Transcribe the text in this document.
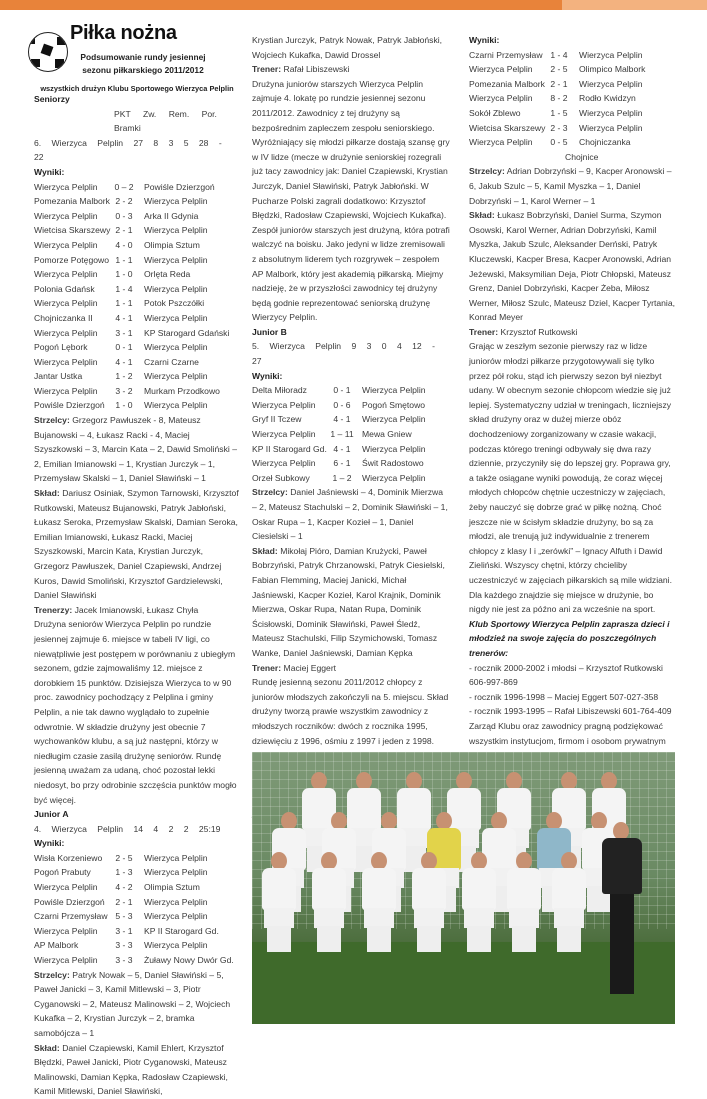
Piłka nożna
Podsumowanie rundy jesiennej
sezonu piłkarskiego 2011/2012
wszystkich drużyn Klubu Sportowego Wierzyca Pelplin

Seniorzy

PKT Zw. Rem. Por. Bramki

6. Wierzyca Pelplin 27 8 3 5 28 - 22

Wyniki:

Wierzyca Pelplin	0 – 2	Powiśle Dzierzgoń
Pomezania Malbork 2 - 2	Wierzyca Pelplin
Wierzyca Pelplin	0 - 3	Arka II Gdynia
Wietcisa Skarszewy 2 - 1	Wierzyca Pelplin
Wierzyca Pelplin	4 - 0	Olimpia Sztum
Pomorze Potęgowo 1 - 1	Wierzyca Pelplin
Wierzyca Pelplin	1 - 0	Orlęta Reda
Polonia Gdańsk	1 - 4	Wierzyca Pelplin
Wierzyca Pelplin	1 - 1	Potok Pszczółki
Chojniczanka II	4 - 1	Wierzyca Pelplin
Wierzyca Pelplin	3 - 1	KP Starogard Gdański
Pogoń Lębork	0 - 1	Wierzyca Pelplin
Wierzyca Pelplin	4 - 1	Czarni Czarne
Jantar Ustka	1 - 2	Wierzyca Pelplin
Wierzyca Pelplin	3 - 2	Murkam Przodkowo
Powiśle Dzierzgoń	1 - 0	Wierzyca Pelplin

Strzelcy: Grzegorz Pawłuszek - 8, Mateusz Bujanowski – 4, Łukasz Racki - 4, Maciej Szyszkowski – 3, Marcin Kata – 2, Dawid Smoliński – 2, Emilian Imianowski – 1, Krystian Jurczyk – 1, Przemysław Skalski – 1, Daniel Sławiński – 1

Skład: Dariusz Osiniak, Szymon Tarnowski, Krzysztof Rutkowski, Mateusz Bujanowski, Patryk Jabłoński, Łukasz Seroka, Przemysław Skalski, Damian Seroka, Emilian Imianowski, Łukasz Racki, Maciej Szyszkowski, Marcin Kata, Krystian Jurczyk, Grzegorz Pawłuszek, Daniel Czapiewski, Andrzej Kuros, Dawid Smoliński, Krzysztof Gardzielewski, Daniel Sławiński

Trenerzy: Jacek Imianowski, Łukasz Chyła

Drużyna seniorów Wierzyca Pelplin po rundzie jesiennej zajmuje 6. miejsce w tabeli IV ligi, co niewątpliwie jest postępem w porównaniu z ubiegłym sezonem, gdzie zajmowaliśmy 12. miejsce z dorobkiem 15 punktów. Dzisiejsza Wierzyca to w 90 proc. zawodnicy pochodzący z Pelplina i gminy Pelplin, a nie tak dawno wyglądało to zupełnie odwrotnie. W składzie drużyny jest obecnie 7 wychowanków klubu, a są już następni, którzy w niedługim czasie zasilą drużynę seniorów. Rundę jesienną uważam za udaną, choć pozostał lekki niedosyt, bo przy odrobinie szczęścia punktów mogło być więcej.

Junior A

4. Wierzyca Pelplin 14 4 2 2 25:19

Wyniki:

Wisła Korzeniewo	2 - 5	Wierzyca Pelplin
Pogoń Prabuty	1 - 3	Wierzyca Pelplin
Wierzyca Pelplin	4 - 2	Olimpia Sztum
Powiśle Dzierzgoń	2 - 1	Wierzyca Pelplin
Czarni Przemysław 5 - 3	Wierzyca Pelplin
Wierzyca Pelplin	3 - 1	KP II Starogard Gd.
AP Malbork	3 - 3	Wierzyca Pelplin
Wierzyca Pelplin	3 - 3	Żuławy Nowy Dwór Gd.

Strzelcy: Patryk Nowak – 5, Daniel Sławiński – 5, Paweł Janicki – 3, Kamil Mitlewski – 3, Piotr Cyganowski – 2, Mateusz Malinowski – 2, Wojciech Kukafka – 2, Krystian Jurczyk – 2, bramka samobójcza – 1

Skład: Daniel Czapiewski, Kamil Ehlert, Krzysztof Błędzki, Paweł Janicki, Piotr Cyganowski, Mateusz Malinowski, Damian Kępka, Radosław Czapiewski, Kamil Mitlewski, Daniel Sławiński,

Krystian Jurczyk, Patryk Nowak, Patryk Jabłoński, Wojciech Kukafka, Dawid Drossel

Trener: Rafał Libiszewski

Drużyna juniorów starszych Wierzyca Pelplin zajmuje 4. lokatę po rundzie jesiennej sezonu 2011/2012. Zawodnicy z tej drużyny są bezpośrednim zapleczem zespołu seniorskiego. Wyróżniający się młodzi piłkarze dostają szansę gry w IV lidze (mecze w drużynie seniorskiej rozegrali już tacy zawodnicy jak: Daniel Czapiewski, Krystian Jurczyk, Daniel Sławiński, Patryk Jabłoński. W Pucharze Polski zagrali dodatkowo: Krzysztof Błędzki, Radosław Czapiewski, Wojciech Kukafka). Zespół juniorów starszych jest drużyną, która potrafi walczyć na boisku. Jako jedyni w lidze zremisowali z absolutnym liderem tych rozgrywek – zespołem AP Malbork, który jest akademią piłkarską. Miejmy nadzieję, że w przyszłości zawodnicy tej drużyny będą godnie reprezentować seniorską drużynę Wierzycy Pelplin.

Junior B

5. Wierzyca Pelplin 9 3 0 4 12 - 27

Wyniki:

Delta Miłoradz	0 - 1	Wierzyca Pelplin
Wierzyca Pelplin	0 - 6	Pogoń Smętowo
Gryf II Tczew	4 - 1	Wierzyca Pelplin
Wierzyca Pelplin	1 – 11 Mewa Gniew
KP II Starogard Gd. 4 - 1	Wierzyca Pelplin
Wierzyca Pelplin	6 - 1	Świt Radostowo
Orzeł Subkowy	1 – 2	Wierzyca Pelplin

Strzelcy: Daniel Jaśniewski – 4, Dominik Mierzwa – 2, Mateusz Stachulski – 2, Dominik Sławiński – 1, Oskar Rupa – 1, Kacper Kozieł – 1, Daniel Ciesielski – 1

Skład: Mikołaj Pióro, Damian Krużycki, Paweł Bobrzyński, Patryk Chrzanowski, Patryk Ciesielski, Fabian Flemming, Maciej Janicki, Michał Jaśniewski, Kacper Kozieł, Karol Krajnik, Dominik Mierzwa, Oskar Rupa, Natan Rupa, Dominik Ścisłowski, Dominik Sławiński, Paweł Śledź, Mateusz Stachulski, Filip Szymichowski, Tomasz Wanke, Daniel Jaśniewski, Damian Kępka

Trener: Maciej Eggert

Rundę jesienną sezonu 2011/2012 chłopcy z juniorów młodszych zakończyli na 5. miejscu. Skład drużyny tworzą prawie wszystkim zawodnicy z młodszych roczników: dwóch z rocznika 1995, dziewięciu z 1996, ośmiu z 1997 i jeden z 1998.

Wyniki:

Czarni Przemysław 1 - 4	Wierzyca Pelplin
Wierzyca Pelplin	2 - 5	Olimpico Malbork
Pomezania Malbork 2 - 1	Wierzyca Pelplin
Wierzyca Pelplin	8 - 2	Rodło Kwidzyn
Sokół Zblewo	1 - 5	Wierzyca Pelplin
Wietcisa Skarszewy 2 - 3	Wierzyca Pelplin
Wierzyca Pelplin	0 - 5	Chojniczanka

Chojnice

Strzelcy: Adrian Dobrzyński – 9, Kacper Aronowski – 6, Jakub Szulc – 5, Kamil Myszka – 1, Daniel Dobrzyński – 1, Karol Werner – 1

Skład: Łukasz Bobrzyński, Daniel Surma, Szymon Osowski, Karol Werner, Adrian Dobrzyński, Kamil Myszka, Jakub Szulc, Aleksander Derński, Patryk Kluczewski, Kacper Bresa, Kacper Aronowski, Adrian Jeżewski, Maksymilian Deja, Piotr Chłopski, Mateusz Grenz, Daniel Dobrzyński, Kacper Żeba, Miłosz Werner, Miłosz Szulc, Mateusz Dziel, Kacper Tyrtania, Konrad Meyer

Trener: Krzysztof Rutkowski

Grając w zeszłym sezonie pierwszy raz w lidze juniorów młodzi piłkarze przygotowywali się tylko przez pół roku, stąd ich pierwszy sezon był niezbyt udany. W obecnym sezonie chłopcom wiedzie się już lepiej. Systematyczny udział w treningach, liczniejszy skład drużyny oraz w dużej mierze obóz dochodzeniowy zorganizowany w czasie wakacji, podczas którego treningi odbywały się dwa razy dziennie, przyczyniły się do lepszej gry. Poprawa gry, a także osiągane wyniki powodują, że coraz więcej młodych chłopców chętnie uczestniczy w zajęciach, żeby nauczyć się dobrze grać w piłkę nożną. Choć jeszcze nie w ścisłym składzie drużyny, bo są za młodzi, ale trenują już indywidualnie z trenerem chłopcy z klasy I i „zerówki” – Ignacy Alfuth i Dawid Zieliński. Wszyscy chętni, którzy chcieliby uczestniczyć w zajęciach piłkarskich są mile widziani. Dla każdego znajdzie się miejsce w drużynie, bo nigdy nie jest za późno ani za wcześnie na sport.

Klub Sportowy Wierzyca Pelplin zaprasza dzieci i młodzież na swoje zajęcia do poszczególnych trenerów:

- rocznik 2000-2002 i młodsi – Krzysztof Rutkowski 606-997-869

- rocznik 1996-1998 – Maciej Eggert 507-027-358

- rocznik 1993-1995 – Rafał Libiszewski 601-764-409

Zarząd Klubu oraz zawodnicy pragną podziękować wszystkim instytucjom, firmom i osobom prywatnym
